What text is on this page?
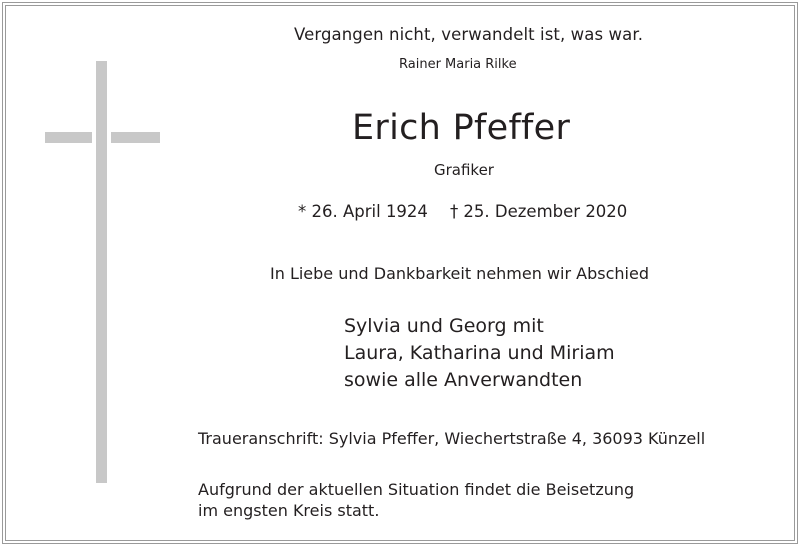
Vergangen nicht, verwandelt ist, was war.

Rainer Maria Rilke

Erich Pfeffer

Grafiker

* 26. April 1924 † 25. Dezember 2020

In Liebe und Dankbarkeit nehmen wir Abschied

Sylvia und Georg mit
Laura, Katharina und Miriam
sowie alle Anverwandten

Traueranschrift: Sylvia Pfeffer, Wiechertstraße 4, 36093 Künzell

Aufgrund der aktuellen Situation findet die Beisetzung
im engsten Kreis statt.
